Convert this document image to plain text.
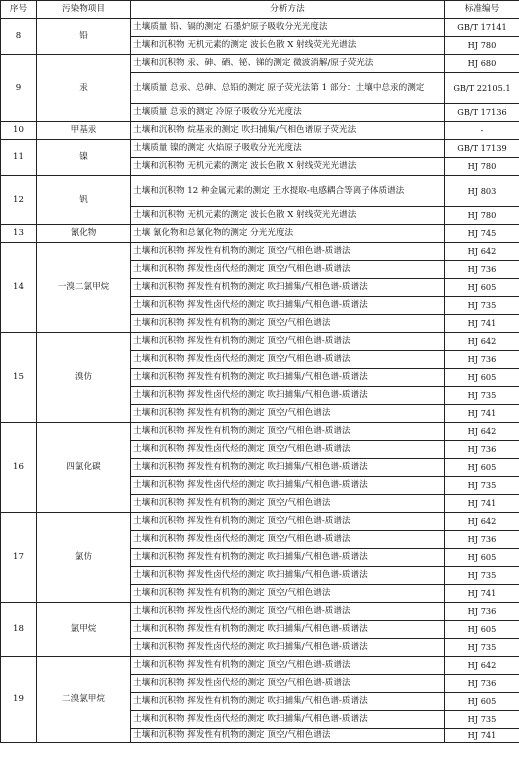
序号	污染物项目	分析方法	标准编号
8	铅	土壤质量 铅、镉的测定 石墨炉原子吸收分光光度法	GB/T 17141
		土壤和沉积物 无机元素的测定 波长色散 X 射线荧光光谱法	HJ 780
9	汞	土壤和沉积物 汞、砷、硒、铋、锑的测定 微波消解/原子荧光法	HJ 680
		土壤质量 总汞、总砷、总铅的测定 原子荧光法第 1 部分：土壤中总汞的测定	GB/T 22105.1
		土壤质量 总汞的测定 冷原子吸收分光光度法	GB/T 17136
10	甲基汞	土壤和沉积物 烷基汞的测定 吹扫捕集/气相色谱原子荧光法	-
11	镍	土壤质量 镍的测定 火焰原子吸收分光光度法	GB/T 17139
		土壤和沉积物 无机元素的测定 波长色散 X 射线荧光光谱法	HJ 780
12	钒	土壤和沉积物 12 种金属元素的测定 王水提取-电感耦合等离子体质谱法	HJ 803
		土壤和沉积物 无机元素的测定 波长色散 X 射线荧光光谱法	HJ 780
13	氰化物	土壤 氰化物和总氰化物的测定 分光光度法	HJ 745
14	一溴二氯甲烷	土壤和沉积物 挥发性有机物的测定 顶空/气相色谱-质谱法	HJ 642
		土壤和沉积物 挥发性卤代烃的测定 顶空/气相色谱-质谱法	HJ 736
		土壤和沉积物 挥发性有机物的测定 吹扫捕集/气相色谱-质谱法	HJ 605
		土壤和沉积物 挥发性卤代烃的测定 吹扫捕集/气相色谱-质谱法	HJ 735
		土壤和沉积物 挥发性有机物的测定 顶空/气相色谱法	HJ 741
15	溴仿	土壤和沉积物 挥发性有机物的测定 顶空/气相色谱-质谱法	HJ 642
		土壤和沉积物 挥发性卤代烃的测定 顶空/气相色谱-质谱法	HJ 736
		土壤和沉积物 挥发性有机物的测定 吹扫捕集/气相色谱-质谱法	HJ 605
		土壤和沉积物 挥发性卤代烃的测定 吹扫捕集/气相色谱-质谱法	HJ 735
		土壤和沉积物 挥发性有机物的测定 顶空/气相色谱法	HJ 741
16	四氯化碳	土壤和沉积物 挥发性有机物的测定 顶空/气相色谱-质谱法	HJ 642
		土壤和沉积物 挥发性卤代烃的测定 顶空/气相色谱-质谱法	HJ 736
		土壤和沉积物 挥发性有机物的测定 吹扫捕集/气相色谱-质谱法	HJ 605
		土壤和沉积物 挥发性卤代烃的测定 吹扫捕集/气相色谱-质谱法	HJ 735
		土壤和沉积物 挥发性有机物的测定 顶空/气相色谱法	HJ 741
17	氯仿	土壤和沉积物 挥发性有机物的测定 顶空/气相色谱-质谱法	HJ 642
		土壤和沉积物 挥发性卤代烃的测定 顶空/气相色谱-质谱法	HJ 736
		土壤和沉积物 挥发性有机物的测定 吹扫捕集/气相色谱-质谱法	HJ 605
		土壤和沉积物 挥发性卤代烃的测定 吹扫捕集/气相色谱-质谱法	HJ 735
		土壤和沉积物 挥发性有机物的测定 顶空/气相色谱法	HJ 741
18	氯甲烷	土壤和沉积物 挥发性卤代烃的测定 顶空/气相色谱-质谱法	HJ 736
		土壤和沉积物 挥发性有机物的测定 吹扫捕集/气相色谱-质谱法	HJ 605
		土壤和沉积物 挥发性卤代烃的测定 吹扫捕集/气相色谱-质谱法	HJ 735
19	二溴氯甲烷	土壤和沉积物 挥发性有机物的测定 顶空/气相色谱-质谱法	HJ 642
		土壤和沉积物 挥发性卤代烃的测定 顶空/气相色谱-质谱法	HJ 736
		土壤和沉积物 挥发性有机物的测定 吹扫捕集/气相色谱-质谱法	HJ 605
		土壤和沉积物 挥发性卤代烃的测定 吹扫捕集/气相色谱-质谱法	HJ 735
		土壤和沉积物 挥发性有机物的测定 顶空/气相色谱法	HJ 741
